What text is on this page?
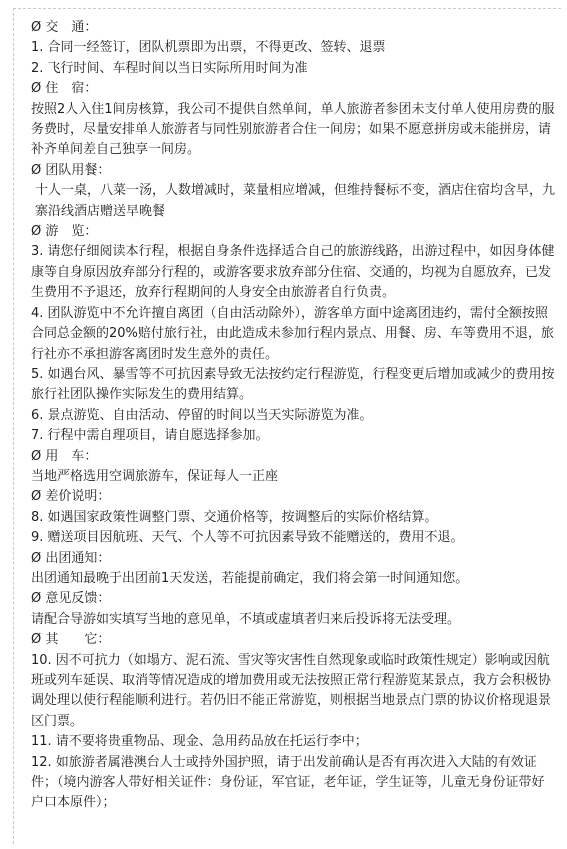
Ø 交　通：

1. 合同一经签订，团队机票即为出票，不得更改、签转、退票

2. 飞行时间、车程时间以当日实际所用时间为准

Ø 住　宿：

按照2人入住1间房核算，我公司不提供自然单间，单人旅游者参团未支付单人使用房费的服务费时，尽量安排单人旅游者与同性别旅游者合住一间房；如果不愿意拼房或未能拼房，请补齐单间差自己独享一间房。

Ø 团队用餐：

十人一桌，八菜一汤，人数增减时，菜量相应增减，但维持餐标不变，酒店住宿均含早，九寨沿线酒店赠送早晚餐

Ø 游　览：

3. 请您仔细阅读本行程，根据自身条件选择适合自己的旅游线路，出游过程中，如因身体健康等自身原因放弃部分行程的，或游客要求放弃部分住宿、交通的，均视为自愿放弃，已发生费用不予退还，放弃行程期间的人身安全由旅游者自行负责。

4. 团队游览中不允许擅自离团（自由活动除外），游客单方面中途离团违约，需付全额按照合同总金额的20%赔付旅行社，由此造成未参加行程内景点、用餐、房、车等费用不退，旅行社亦不承担游客离团时发生意外的责任。

5. 如遇台风、暴雪等不可抗因素导致无法按约定行程游览，行程变更后增加或减少的费用按旅行社团队操作实际发生的费用结算。

6. 景点游览、自由活动、停留的时间以当天实际游览为准。

7. 行程中需自理项目，请自愿选择参加。

Ø 用　车：

当地严格选用空调旅游车，保证每人一正座

Ø 差价说明：

8. 如遇国家政策性调整门票、交通价格等，按调整后的实际价格结算。

9. 赠送项目因航班、天气、个人等不可抗因素导致不能赠送的，费用不退。

Ø 出团通知：

出团通知最晚于出团前1天发送，若能提前确定，我们将会第一时间通知您。

Ø 意见反馈：

请配合导游如实填写当地的意见单，不填或虚填者归来后投诉将无法受理。

Ø 其　　它：

10. 因不可抗力（如塌方、泥石流、雪灾等灾害性自然现象或临时政策性规定）影响或因航班或列车延误、取消等情况造成的增加费用或无法按照正常行程游览某景点，我方会积极协调处理以使行程能顺利进行。若仍旧不能正常游览，则根据当地景点门票的协议价格现退景区门票。

11. 请不要将贵重物品、现金、急用药品放在托运行李中；

12. 如旅游者属港澳台人士或持外国护照，请于出发前确认是否有再次进入大陆的有效证件；（境内游客人带好相关证件：身份证，军官证，老年证，学生证等，儿童无身份证带好户口本原件）；
